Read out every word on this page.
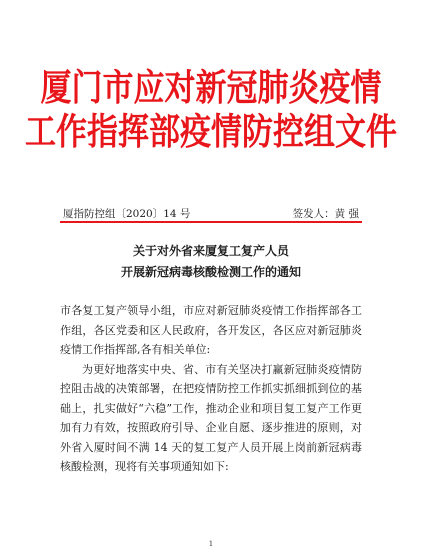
厦门市应对新冠肺炎疫情
工作指挥部疫情防控组文件
厦指防控组〔2020〕14 号	签发人：黄 强
关于对外省来厦复工复产人员
开展新冠病毒核酸检测工作的通知

市各复工复产领导小组，市应对新冠肺炎疫情工作指挥部各工作组，各区党委和区人民政府，各开发区，各区应对新冠肺炎疫情工作指挥部,各有相关单位:

为更好地落实中央、省、市有关坚决打赢新冠肺炎疫情防控阻击战的决策部署，在把疫情防控工作抓实抓细抓到位的基础上，扎实做好“六稳”工作，推动企业和项目复工复产工作更加有力有效，按照政府引导、企业自愿、逐步推进的原则，对外省入厦时间不满 14 天的复工复产人员开展上岗前新冠病毒核酸检测，现将有关事项通知如下:

1
